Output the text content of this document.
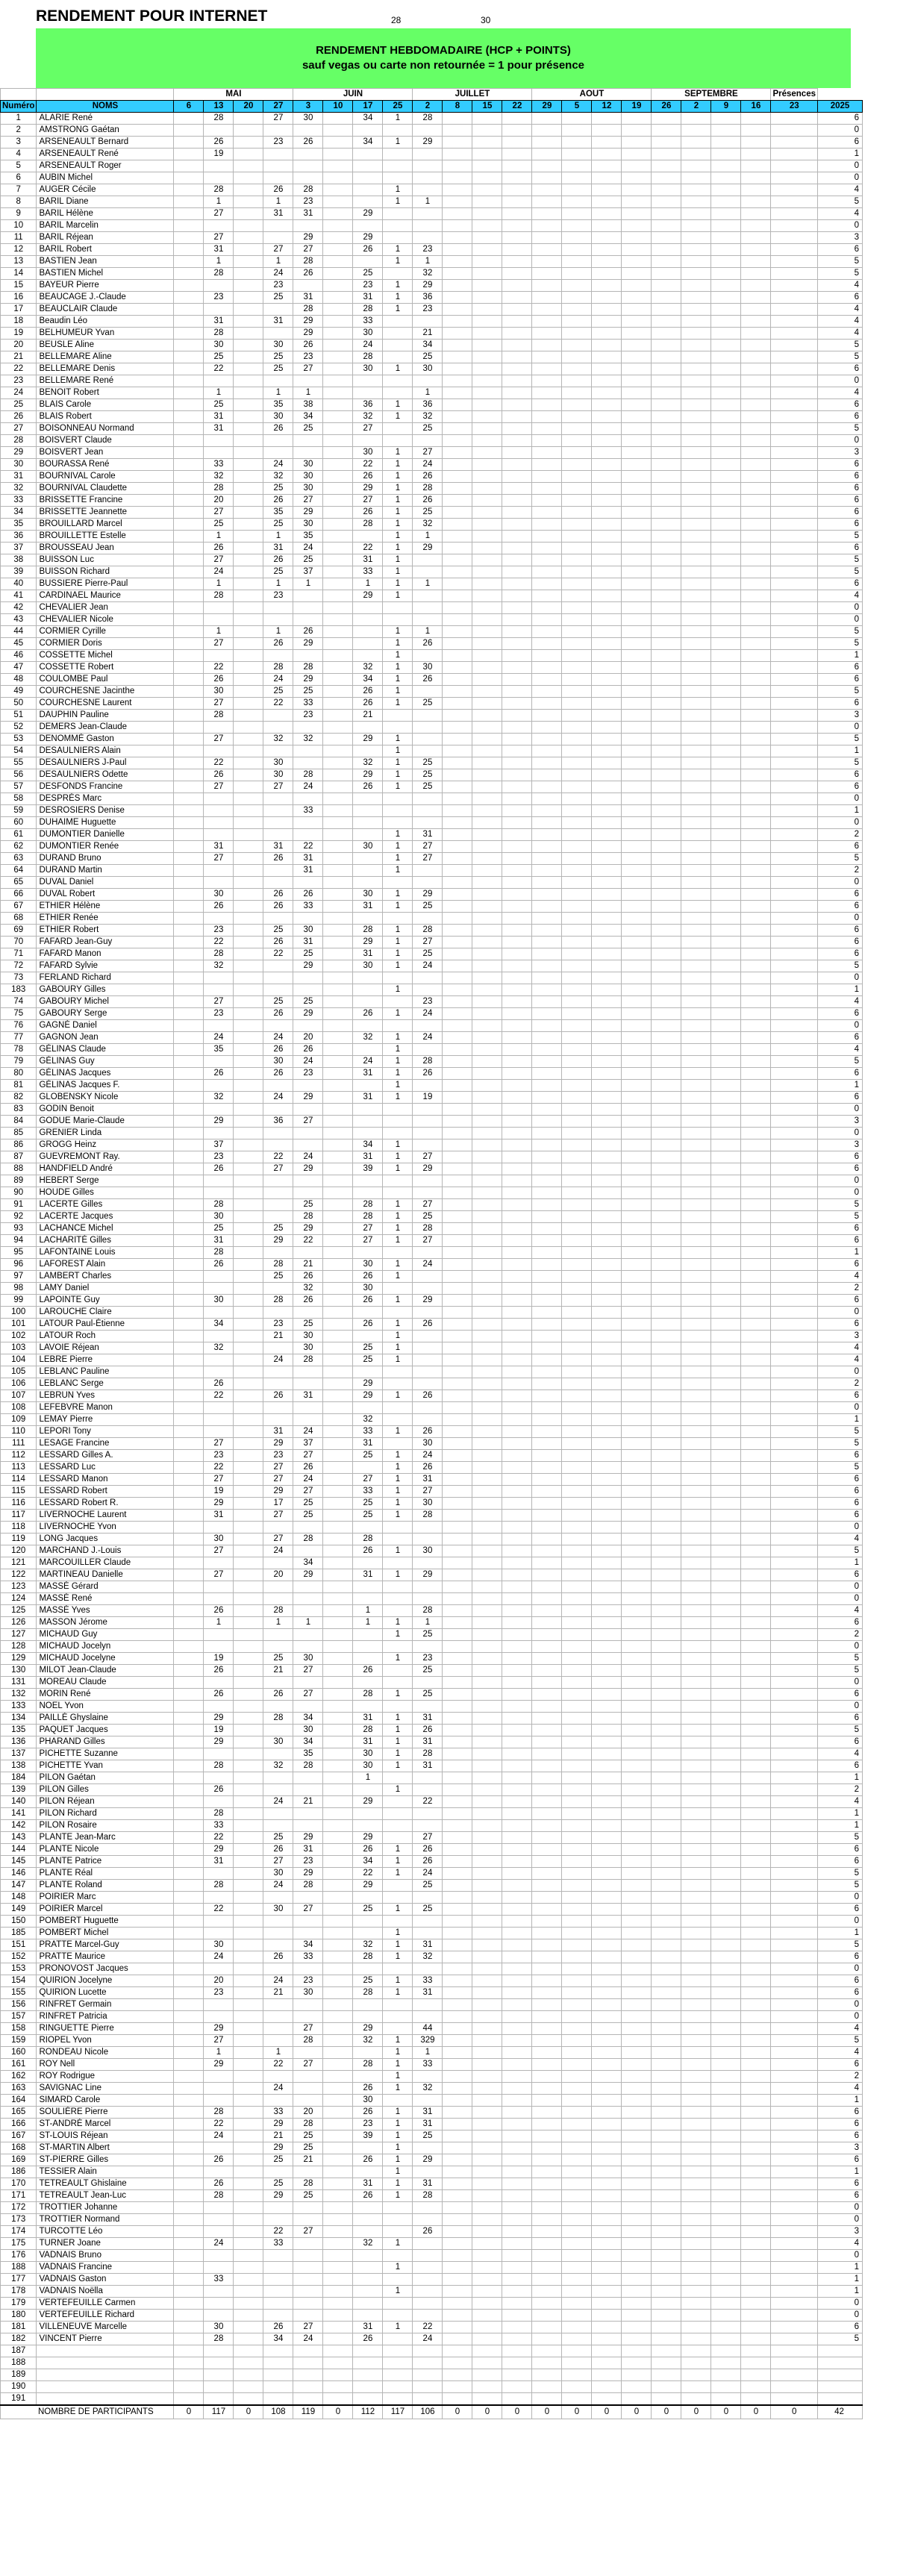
RENDEMENT POUR INTERNET	28	30
RENDEMENT HEBDOMADAIRE (HCP + POINTS)
sauf vegas ou carte non retournée = 1 pour présence
		MAI				JUIN				JUILLET				AOUT				SEPTEMBRE				Présences	
Numéro	NOMS	6	13	20	27	3	10	17	25	2	8	15	22	29	5	12	19	26	2	9	16	23	2025
1	ALARIE René		28		27	30		34	1	28													6
2	AMSTRONG Gaétan																						0
3	ARSENEAULT Bernard		26		23	26		34	1	29													6
4	ARSENEAULT René		19																				1
5	ARSENEAULT Roger																						0
6	AUBIN Michel																						0
7	AUGER Cécile		28		26	28			1														4
8	BARIL Diane		1		1	23			1	1													5
9	BARIL Hélène		27		31	31		29															4
10	BARIL Marcelin																						0
11	BARIL Réjean		27			29		29															3
12	BARIL Robert		31		27	27		26	1	23													6
13	BASTIEN Jean		1		1	28			1	1													5
14	BASTIEN Michel		28		24	26		25		32													5
15	BAYEUR Pierre				23			23	1	29													4
16	BEAUCAGE J.-Claude		23		25	31		31	1	36													6
17	BEAUCLAIR Claude					28		28	1	23													4
18	Beaudin Léo		31		31	29		33															4
19	BELHUMEUR Yvan		28			29		30		21													4
20	BEUSLE Aline		30		30	26		24		34													5
21	BELLEMARE Aline		25		25	23		28		25													5
22	BELLEMARE Denis		22		25	27		30	1	30													6
23	BELLEMARE René																						0
24	BENOIT Robert		1		1	1				1													4
25	BLAIS Carole		25		35	38		36	1	36													6
26	BLAIS Robert		31		30	34		32	1	32													6
27	BOISONNEAU Normand		31		26	25		27		25													5
28	BOISVERT Claude																						0
29	BOISVERT Jean							30	1	27													3
30	BOURASSA René		33		24	30		22	1	24													6
31	BOURNIVAL Carole		32		32	30		26	1	26													6
32	BOURNIVAL Claudette		28		25	30		29	1	28													6
33	BRISSETTE Francine		20		26	27		27	1	26													6
34	BRISSETTE Jeannette		27		35	29		26	1	25													6
35	BROUILLARD Marcel		25		25	30		28	1	32													6
36	BROUILLETTE Estelle		1		1	35			1	1													5
37	BROUSSEAU Jean		26		31	24		22	1	29													6
38	BUISSON Luc		27		26	25		31	1														5
39	BUISSON Richard		24		25	37		33	1														5
40	BUSSIERE Pierre-Paul		1		1	1		1	1	1													6
41	CARDINAEL Maurice		28		23			29	1														4
42	CHEVALIER Jean																						0
43	CHEVALIER Nicole																						0
44	CORMIER Cyrille		1		1	26			1	1													5
45	CORMIER Doris		27		26	29			1	26													5
46	COSSETTE Michel								1														1
47	COSSETTE Robert		22		28	28		32	1	30													6
48	COULOMBE Paul		26		24	29		34	1	26													6
49	COURCHESNE Jacinthe		30		25	25		26	1														5
50	COURCHESNE Laurent		27		22	33		26	1	25													6
51	DAUPHIN Pauline		28			23		21															3
52	DEMERS Jean-Claude																						0
53	DENOMMÉ Gaston		27		32	32		29	1														5
54	DESAULNIERS Alain								1														1
55	DESAULNIERS J-Paul		22		30			32	1	25													5
56	DESAULNIERS Odette		26		30	28		29	1	25													6
57	DESFONDS Francine		27		27	24		26	1	25													6
58	DESPRÉS Marc																						0
59	DESROSIERS Denise					33																	1
60	DUHAIME Huguette																						0
61	DUMONTIER Danielle								1	31													2
62	DUMONTIER Renée		31		31	22		30	1	27													6
63	DURAND Bruno		27		26	31			1	27													5
64	DURAND Martin					31			1														2
65	DUVAL Daniel																						0
66	DUVAL Robert		30		26	26		30	1	29													6
67	ETHIER Hélène		26		26	33		31	1	25													6
68	ETHIER Renée																						0
69	ETHIER Robert		23		25	30		28	1	28													6
70	FAFARD Jean-Guy		22		26	31		29	1	27													6
71	FAFARD Manon		28		22	25		31	1	25													6
72	FAFARD Sylvie		32			29		30	1	24													5
73	FERLAND Richard																						0
183	GABOURY Gilles								1														1
74	GABOURY Michel		27		25	25				23													4
75	GABOURY Serge		23		26	29		26	1	24													6
76	GAGNÉ Daniel																						0
77	GAGNON Jean		24		24	20		32	1	24													6
78	GÉLINAS Claude		35		26	26			1														4
79	GÉLINAS Guy				30	24		24	1	28													5
80	GÉLINAS Jacques		26		26	23		31	1	26													6
81	GÉLINAS Jacques F.								1														1
82	GLOBENSKY Nicole		32		24	29		31	1	19													6
83	GODIN Benoit																						0
84	GODUE Marie-Claude		29		36	27																	3
85	GRENIER Linda																						0
86	GROGG Heinz		37					34	1														3
87	GUEVREMONT Ray.		23		22	24		31	1	27													6
88	HANDFIELD André		26		27	29		39	1	29													6
89	HEBERT Serge																						0
90	HOUDE Gilles																						0
91	LACERTE Gilles		28			25		28	1	27													5
92	LACERTE Jacques		30			28		28	1	25													5
93	LACHANCE Michel		25		25	29		27	1	28													6
94	LACHARITÉ Gilles		31		29	22		27	1	27													6
95	LAFONTAINE Louis		28																				1
96	LAFOREST Alain		26		28	21		30	1	24													6
97	LAMBERT Charles				25	26		26	1														4
98	LAMY Daniel					32		30															2
99	LAPOINTE Guy		30		28	26		26	1	29													6
100	LAROUCHE Claire																						0
101	LATOUR Paul-Étienne		34		23	25		26	1	26													6
102	LATOUR Roch				21	30			1														3
103	LAVOIE Réjean		32			30		25	1														4
104	LEBRE Pierre				24	28		25	1														4
105	LEBLANC Pauline																						0
106	LEBLANC Serge		26					29															2
107	LEBRUN Yves		22		26	31		29	1	26													6
108	LEFEBVRE Manon																						0
109	LEMAY Pierre							32															1
110	LEPORI Tony				31	24		33	1	26													5
111	LESAGE Francine		27		29	37		31		30													5
112	LESSARD Gilles A.		23		23	27		25	1	24													6
113	LESSARD Luc		22		27	26			1	26													5
114	LESSARD Manon		27		27	24		27	1	31													6
115	LESSARD Robert		19		29	27		33	1	27													6
116	LESSARD Robert R.		29		17	25		25	1	30													6
117	LIVERNOCHE Laurent		31		27	25		25	1	28													6
118	LIVERNOCHE Yvon																						0
119	LONG Jacques		30		27	28		28															4
120	MARCHAND J.-Louis		27		24			26	1	30													5
121	MARCOUILLER Claude					34																	1
122	MARTINEAU Danielle		27		20	29		31	1	29													6
123	MASSÉ Gérard																						0
124	MASSÉ René																						0
125	MASSÉ Yves		26		28			1		28													4
126	MASSON Jérome		1		1	1		1	1	1													6
127	MICHAUD Guy								1	25													2
128	MICHAUD Jocelyn																						0
129	MICHAUD Jocelyne		19		25	30			1	23													5
130	MILOT Jean-Claude		26		21	27		26		25													5
131	MOREAU Claude																						0
132	MORIN René		26		26	27		28	1	25													6
133	NOEL Yvon																						0
134	PAILLÉ Ghyslaine		29		28	34		31	1	31													6
135	PAQUET Jacques		19			30		28	1	26													5
136	PHARAND Gilles		29		30	34		31	1	31													6
137	PICHETTE Suzanne					35		30	1	28													4
138	PICHETTE Yvan		28		32	28		30	1	31													6
184	PILON Gaétan							1															1
139	PILON Gilles		26						1														2
140	PILON Réjean				24	21		29		22													4
141	PILON Richard		28																				1
142	PILON Rosaire		33																				1
143	PLANTE Jean-Marc		22		25	29		29		27													5
144	PLANTE Nicole		29		26	31		26	1	26													6
145	PLANTE Patrice		31		27	23		34	1	26													6
146	PLANTE Réal				30	29		22	1	24													5
147	PLANTE Roland		28		24	28		29		25													5
148	POIRIER Marc																						0
149	POIRIER Marcel		22		30	27		25	1	25													6
150	POMBERT Huguette																						0
185	POMBERT Michel								1														1
151	PRATTE Marcel-Guy		30			34		32	1	31													5
152	PRATTE Maurice		24		26	33		28	1	32													6
153	PRONOVOST Jacques																						0
154	QUIRION Jocelyne		20		24	23		25	1	33													6
155	QUIRION Lucette		23		21	30		28	1	31													6
156	RINFRET Germain																						0
157	RINFRET Patricia																						0
158	RINGUETTE Pierre		29			27		29		44													4
159	RIOPEL Yvon		27			28		32	1	329													5
160	RONDEAU Nicole		1		1				1	1													4
161	ROY Nell		29		22	27		28	1	33													6
162	ROY Rodrigue								1														2
163	SAVIGNAC Line				24			26	1	32													4
164	SIMARD Carole							30															1
165	SOULIÈRE Pierre		28		33	20		26	1	31													6
166	ST-ANDRÉ Marcel		22		29	28		23	1	31													6
167	ST-LOUIS Réjean		24		21	25		39	1	25													6
168	ST-MARTIN Albert				29	25			1														3
169	ST-PIERRE Gilles		26		25	21		26	1	29													6
186	TESSIER Alain								1														1
170	TETREAULT Ghislaine		26		25	28		31	1	31													6
171	TETREAULT Jean-Luc		28		29	25		26	1	28													6
172	TROTTIER Johanne																						0
173	TROTTIER Normand																						0
174	TURCOTTE Léo				22	27				26													3
175	TURNER Joane		24		33			32	1														4
176	VADNAIS Bruno																						0
188	VADNAIS Francine								1														1
177	VADNAIS Gaston		33																				1
178	VADNAIS Noëlla								1														1
179	VERTEFEUILLE Carmen																						0
180	VERTEFEUILLE Richard																						0
181	VILLENEUVE Marcelle		30		26	27		31	1	22													6
182	VINCENT Pierre		28		34	24		26		24													5
187																							
188																							
189																							
190																							
191																							
NOMBRE DE PARTICIPANTS		0	117	0	108	119	0	112	117	106	0	0	0	0	0	0	0	0	0	0	0	0	42
